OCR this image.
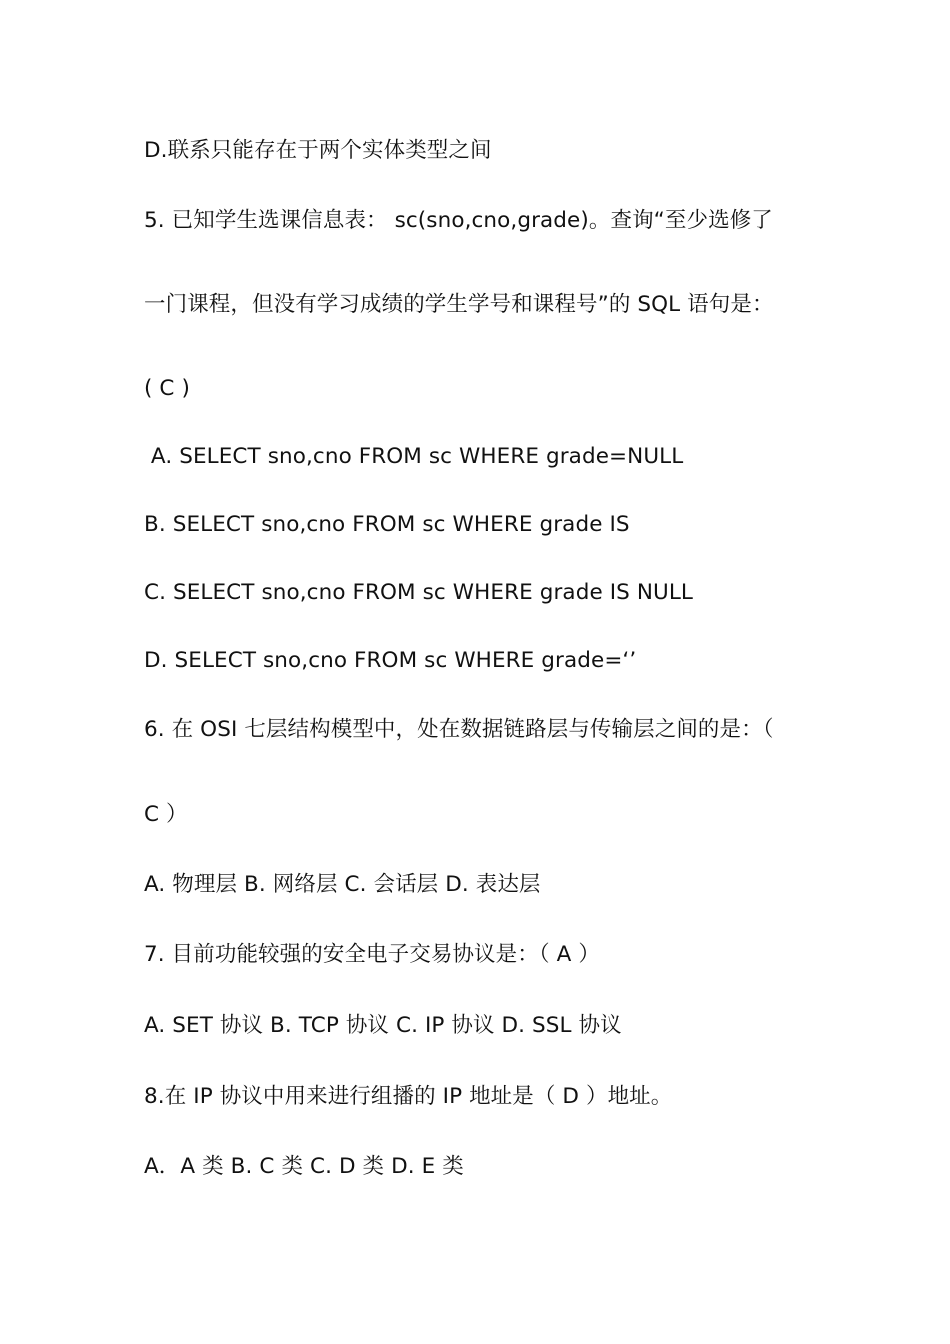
D.联系只能存在于两个实体类型之间

5. 已知学生选课信息表： sc(sno,cno,grade)。查询“至少选修了

一门课程，但没有学习成绩的学生学号和课程号”的 SQL 语句是：

( C )

A. SELECT sno,cno FROM sc WHERE grade=NULL

B. SELECT sno,cno FROM sc WHERE grade IS

C. SELECT sno,cno FROM sc WHERE grade IS NULL

D. SELECT sno,cno FROM sc WHERE grade=‘’

6. 在 OSI 七层结构模型中，处在数据链路层与传输层之间的是：（

C ）

A. 物理层 B. 网络层 C. 会话层 D. 表达层

7. 目前功能较强的安全电子交易协议是：（ A ）

A. SET 协议 B. TCP 协议 C. IP 协议 D. SSL 协议

8.在 IP 协议中用来进行组播的 IP 地址是（ D ）地址。

A．A 类 B. C 类 C. D 类 D. E 类
